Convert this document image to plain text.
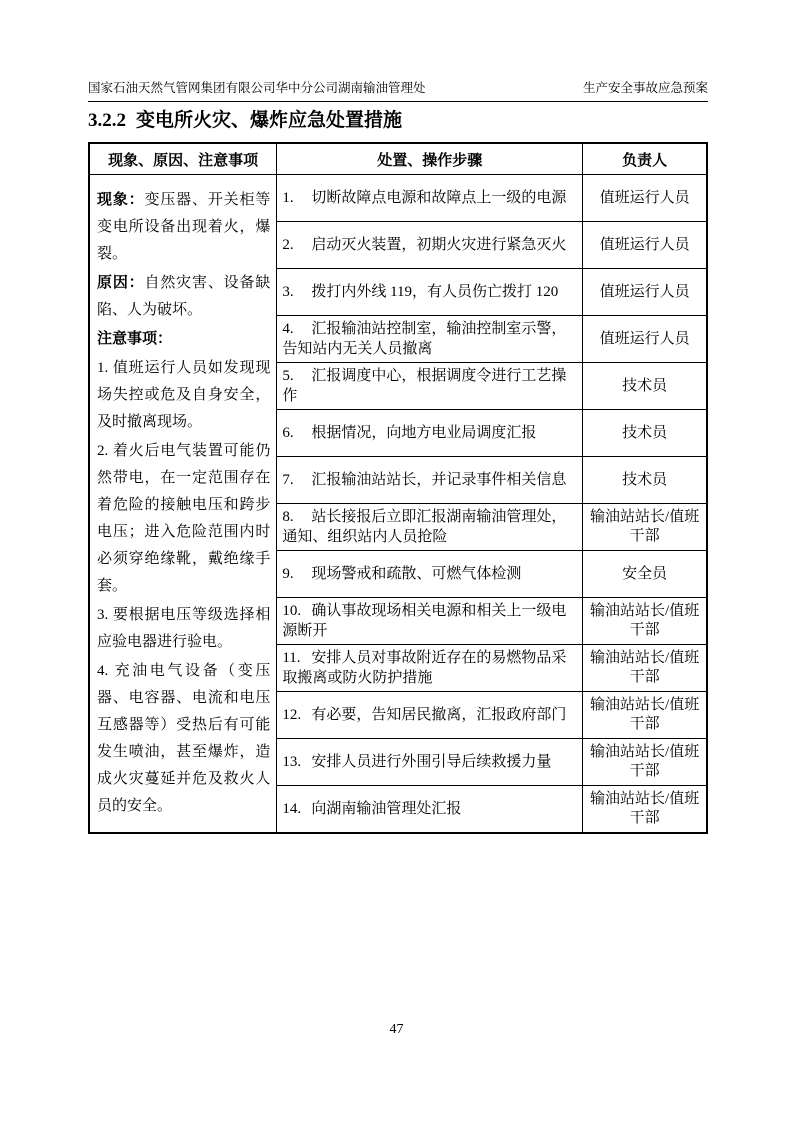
国家石油天然气管网集团有限公司华中分公司湖南输油管理处	生产安全事故应急预案
3.2.2 变电所火灾、爆炸应急处置措施
现象、原因、注意事项	处置、操作步骤	负责人

现象：变压器、开关柜等变电所设备出现着火，爆裂。

原因：自然灾害、设备缺陷、人为破坏。

注意事项：

1. 值班运行人员如发现现场失控或危及自身安全，及时撤离现场。

2. 着火后电气装置可能仍然带电，在一定范围存在着危险的接触电压和跨步电压；进入危险范围内时必须穿绝缘靴，戴绝缘手套。

3. 要根据电压等级选择相应验电器进行验电。

4. 充油电气设备（变压器、电容器、电流和电压互感器等）受热后有可能发生喷油，甚至爆炸，造成火灾蔓延并危及救火人员的安全。

	1. 切断故障点电源和故障点上一级的电源	值班运行人员
	2. 启动灭火装置，初期火灾进行紧急灭火	值班运行人员
	3. 拨打内外线 119，有人员伤亡拨打 120	值班运行人员
	4. 汇报输油站控制室，输油控制室示警，告知站内无关人员撤离	值班运行人员
	5. 汇报调度中心，根据调度令进行工艺操作	技术员
	6. 根据情况，向地方电业局调度汇报	技术员
	7. 汇报输油站站长，并记录事件相关信息	技术员
	8. 站长接报后立即汇报湖南输油管理处，通知、组织站内人员抢险	输油站站长/值班干部
	9. 现场警戒和疏散、可燃气体检测	安全员
	10. 确认事故现场相关电源和相关上一级电源断开	输油站站长/值班干部
	11. 安排人员对事故附近存在的易燃物品采取搬离或防火防护措施	输油站站长/值班干部
	12. 有必要，告知居民撤离，汇报政府部门	输油站站长/值班干部
	13. 安排人员进行外围引导后续救援力量	输油站站长/值班干部
	14. 向湖南输油管理处汇报	输油站站长/值班干部
47
